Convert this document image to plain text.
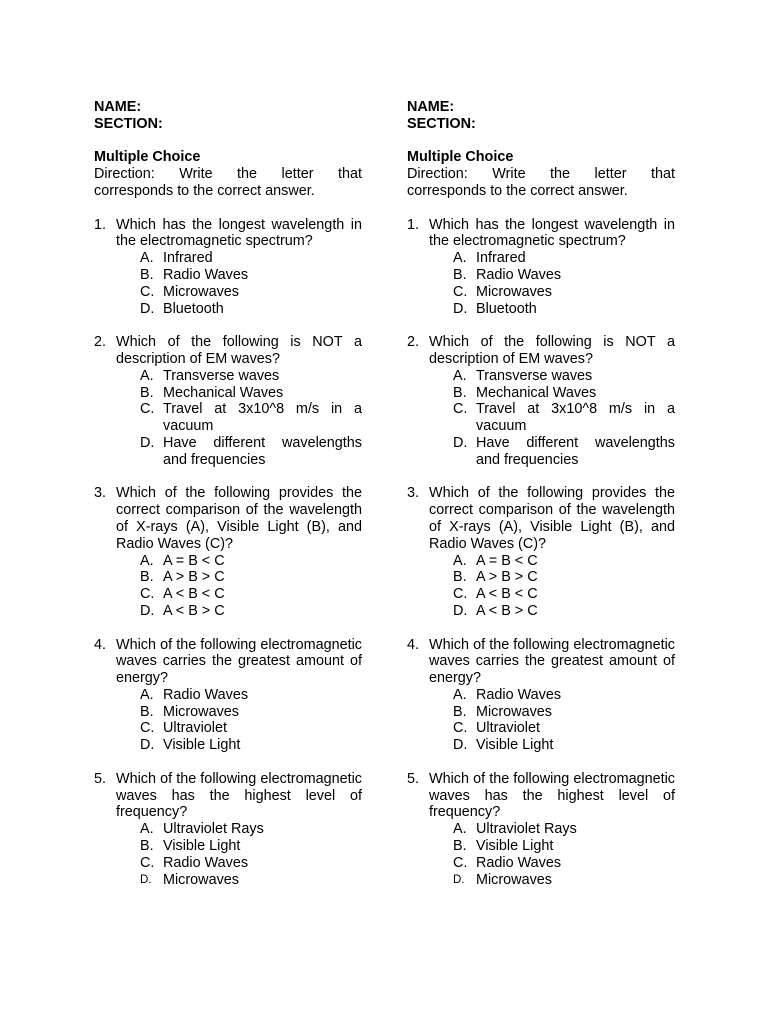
NAME:
SECTION:
Multiple Choice
Direction: Write the letter that corresponds to the correct answer.
1. Which has the longest wavelength in the electromagnetic spectrum?
A. Infrared
B. Radio Waves
C. Microwaves
D. Bluetooth
2. Which of the following is NOT a description of EM waves?
A. Transverse waves
B. Mechanical Waves
C. Travel at 3x10^8 m/s in a vacuum
D. Have different wavelengths and frequencies
3. Which of the following provides the correct comparison of the wavelength of X-rays (A), Visible Light (B), and Radio Waves (C)?
A. A = B < C
B. A > B > C
C. A < B < C
D. A < B > C
4. Which of the following electromagnetic waves carries the greatest amount of energy?
A. Radio Waves
B. Microwaves
C. Ultraviolet
D. Visible Light
5. Which of the following electromagnetic waves has the highest level of frequency?
A. Ultraviolet Rays
B. Visible Light
C. Radio Waves
D. Microwaves
NAME:
SECTION:
Multiple Choice
Direction: Write the letter that corresponds to the correct answer.
1. Which has the longest wavelength in the electromagnetic spectrum?
A. Infrared
B. Radio Waves
C. Microwaves
D. Bluetooth
2. Which of the following is NOT a description of EM waves?
A. Transverse waves
B. Mechanical Waves
C. Travel at 3x10^8 m/s in a vacuum
D. Have different wavelengths and frequencies
3. Which of the following provides the correct comparison of the wavelength of X-rays (A), Visible Light (B), and Radio Waves (C)?
A. A = B < C
B. A > B > C
C. A < B < C
D. A < B > C
4. Which of the following electromagnetic waves carries the greatest amount of energy?
A. Radio Waves
B. Microwaves
C. Ultraviolet
D. Visible Light
5. Which of the following electromagnetic waves has the highest level of frequency?
A. Ultraviolet Rays
B. Visible Light
C. Radio Waves
D. Microwaves
